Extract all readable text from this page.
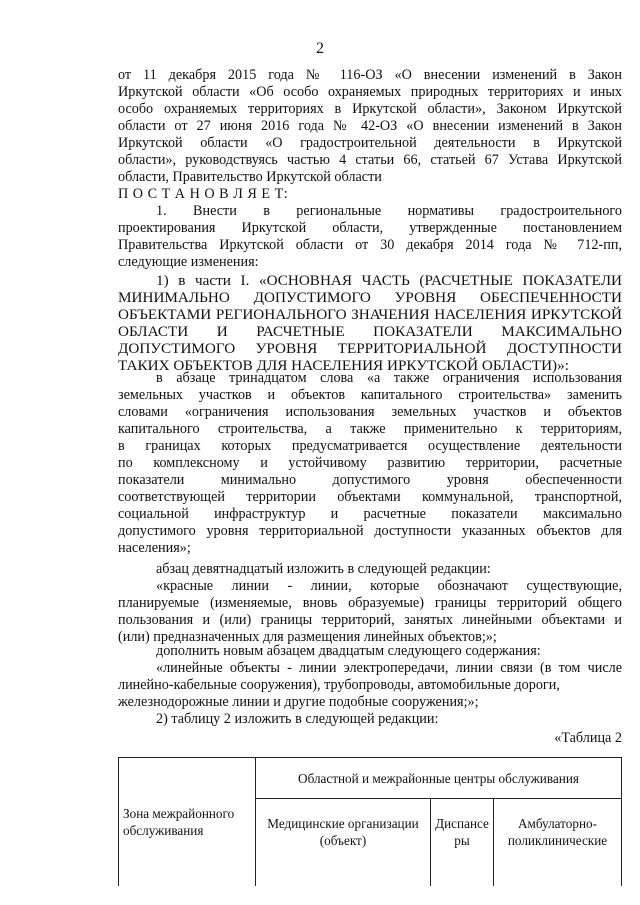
2

от 11 декабря 2015 года № 116-ОЗ «О внесении изменений в Закон

Иркутской области «Об особо охраняемых природных территориях и иных

особо охраняемых территориях в Иркутской области», Законом Иркутской

области от 27 июня 2016 года № 42-ОЗ «О внесении изменений в Закон

Иркутской области «О градостроительной деятельности в Иркутской

области», руководствуясь частью 4 статьи 66, статьей 67 Устава Иркутской

области, Правительство Иркутской области

П О С Т А Н О В Л Я Е Т:

1. Внести в региональные нормативы градостроительного

проектирования Иркутской области, утвержденные постановлением

Правительства Иркутской области от 30 декабря 2014 года № 712-пп,

следующие изменения:

1) в части I. «ОСНОВНАЯ ЧАСТЬ (РАСЧЕТНЫЕ ПОКАЗАТЕЛИ

МИНИМАЛЬНО ДОПУСТИМОГО УРОВНЯ ОБЕСПЕЧЕННОСТИ

ОБЪЕКТАМИ РЕГИОНАЛЬНОГО ЗНАЧЕНИЯ НАСЕЛЕНИЯ ИРКУТСКОЙ

ОБЛАСТИ И РАСЧЕТНЫЕ ПОКАЗАТЕЛИ МАКСИМАЛЬНО

ДОПУСТИМОГО УРОВНЯ ТЕРРИТОРИАЛЬНОЙ ДОСТУПНОСТИ

ТАКИХ ОБЪЕКТОВ ДЛЯ НАСЕЛЕНИЯ ИРКУТСКОЙ ОБЛАСТИ)»:

в абзаце тринадцатом слова «а также ограничения использования

земельных участков и объектов капитального строительства» заменить

словами «ограничения использования земельных участков и объектов

капитального строительства, а также применительно к территориям,

в границах которых предусматривается осуществление деятельности

по комплексному и устойчивому развитию территории, расчетные

показатели минимально допустимого уровня обеспеченности

соответствующей территории объектами коммунальной, транспортной,

социальной инфраструктур и расчетные показатели максимально

допустимого уровня территориальной доступности указанных объектов для

населения»;

абзац девятнадцатый изложить в следующей редакции:

«красные линии - линии, которые обозначают существующие,

планируемые (изменяемые, вновь образуемые) границы территорий общего

пользования и (или) границы территорий, занятых линейными объектами и

(или) предназначенных для размещения линейных объектов;»;

дополнить новым абзацем двадцатым следующего содержания:

«линейные объекты - линии электропередачи, линии связи (в том числе

линейно-кабельные сооружения), трубопроводы, автомобильные дороги,

железнодорожные линии и другие подобные сооружения;»;

2) таблицу 2 изложить в следующей редакции:

«Таблица 2
Зона межрайонного обслуживания	Областной и межрайонные центры обслуживания		
	Медицинские организации (объект)	Диспансеры	Амбулаторно-поликлинические
